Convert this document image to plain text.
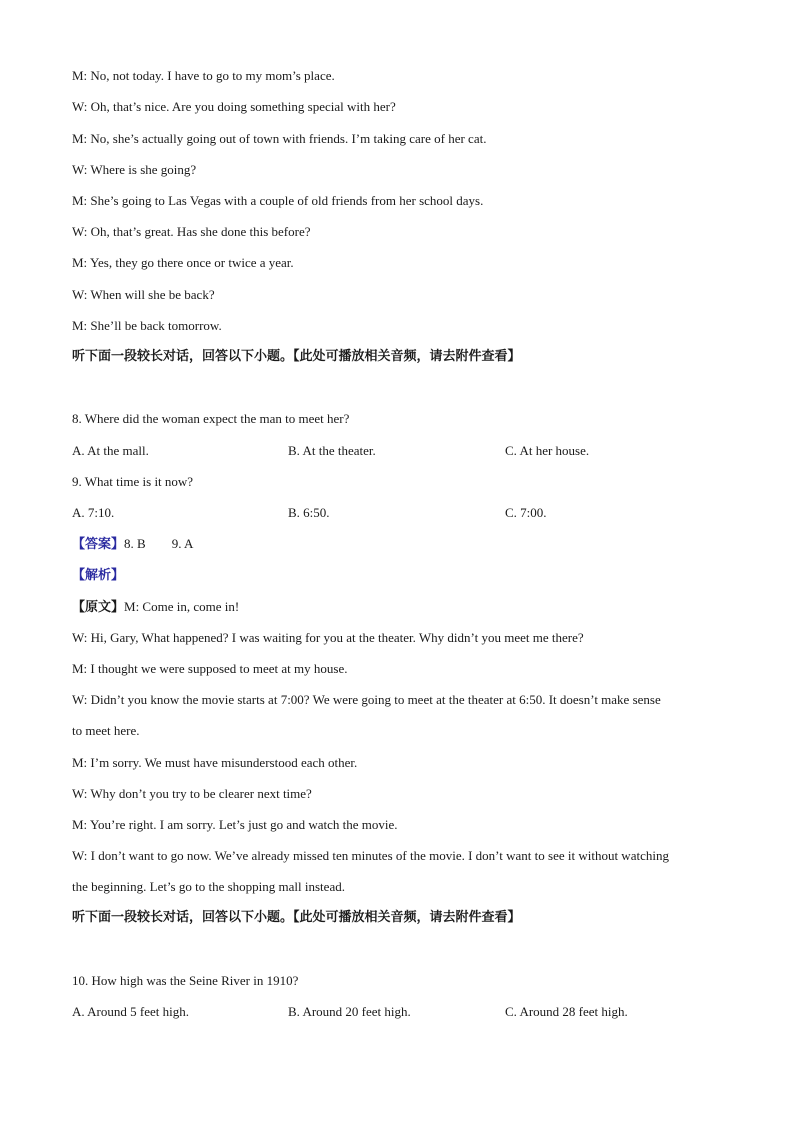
M: No, not today. I have to go to my mom’s place.
W: Oh, that’s nice. Are you doing something special with her?
M: No, she’s actually going out of town with friends. I’m taking care of her cat.
W: Where is she going?
M: She’s going to Las Vegas with a couple of old friends from her school days.
W: Oh, that’s great. Has she done this before?
M: Yes, they go there once or twice a year.
W: When will she be back?
M: She’ll be back tomorrow.
听下面一段较长对话，回答以下小题。【此处可播放相关音频，请去附件查看】
8. Where did the woman expect the man to meet her?
A. At the mall.	B. At the theater.	C. At her house.
9. What time is it now?
A. 7:10.	B. 6:50.	C. 7:00.
【答案】8. B 9. A
【解析】
【原文】M: Come in, come in!
W: Hi, Gary, What happened? I was waiting for you at the theater. Why didn’t you meet me there?
M: I thought we were supposed to meet at my house.
W: Didn’t you know the movie starts at 7:00? We were going to meet at the theater at 6:50. It doesn’t make sense
to meet here.
M: I’m sorry. We must have misunderstood each other.
W: Why don’t you try to be clearer next time?
M: You’re right. I am sorry. Let’s just go and watch the movie.
W: I don’t want to go now. We’ve already missed ten minutes of the movie. I don’t want to see it without watching
the beginning. Let’s go to the shopping mall instead.
听下面一段较长对话，回答以下小题。【此处可播放相关音频，请去附件查看】
10. How high was the Seine River in 1910?
A. Around 5 feet high.	B. Around 20 feet high.	C. Around 28 feet high.
